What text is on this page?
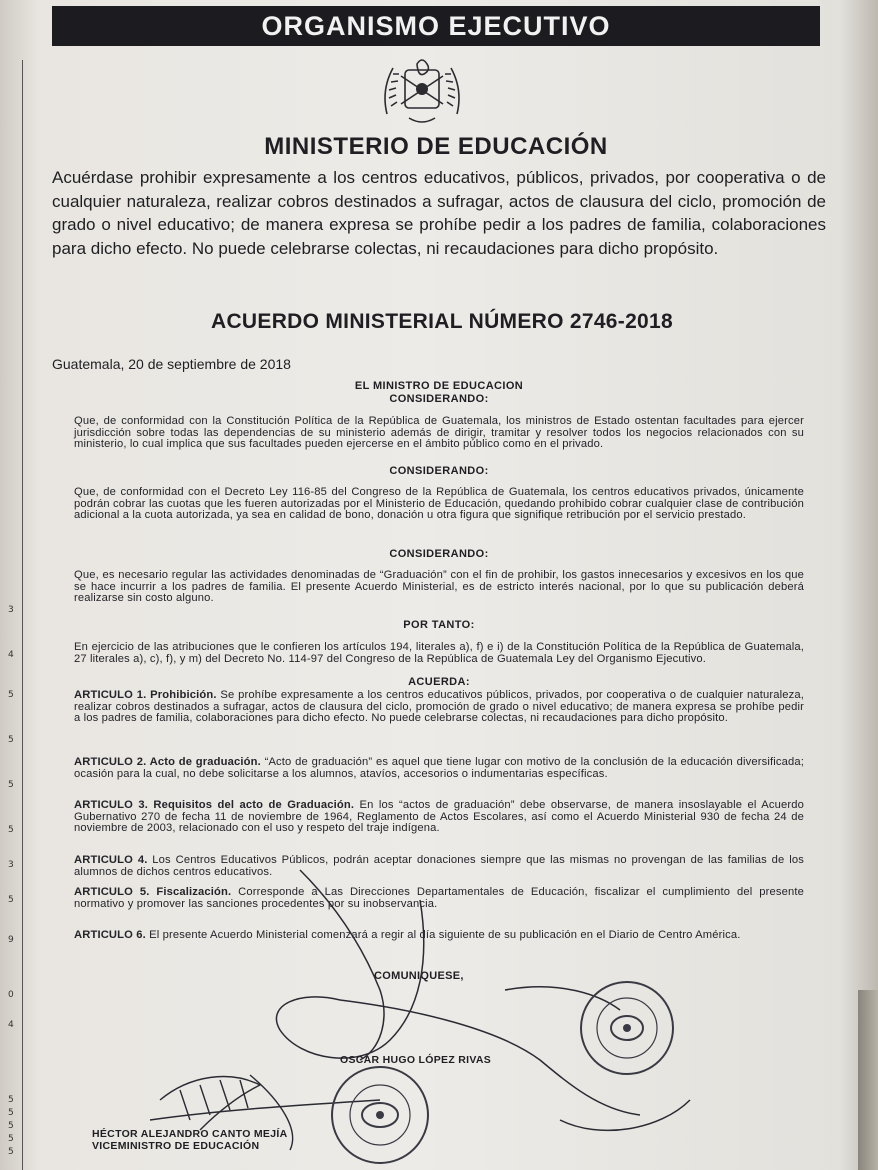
3
4
5
5
5
5
3
5
9
0
4
5
5
5
5
5
ORGANISMO EJECUTIVO
MINISTERIO DE EDUCACIÓN
Acuérdase prohibir expresamente a los centros educativos, públicos, privados, por cooperativa o de cualquier naturaleza, realizar cobros destinados a sufragar, actos de clausura del ciclo, promoción de grado o nivel educativo; de manera expresa se prohíbe pedir a los padres de familia, colaboraciones para dicho efecto. No puede celebrarse colectas, ni recaudaciones para dicho propósito.
ACUERDO MINISTERIAL NÚMERO 2746-2018
Guatemala, 20 de septiembre de 2018
EL MINISTRO DE EDUCACION
CONSIDERANDO:
Que, de conformidad con la Constitución Política de la República de Guatemala, los ministros de Estado ostentan facultades para ejercer jurisdicción sobre todas las dependencias de su ministerio además de dirigir, tramitar y resolver todos los negocios relacionados con su ministerio, lo cual implica que sus facultades pueden ejercerse en el ámbito público como en el privado.
CONSIDERANDO:
Que, de conformidad con el Decreto Ley 116-85 del Congreso de la República de Guatemala, los centros educativos privados, únicamente podrán cobrar las cuotas que les fueren autorizadas por el Ministerio de Educación, quedando prohibido cobrar cualquier clase de contribución adicional a la cuota autorizada, ya sea en calidad de bono, donación u otra figura que signifique retribución por el servicio prestado.
CONSIDERANDO:
Que, es necesario regular las actividades denominadas de “Graduación” con el fin de prohibir, los gastos innecesarios y excesivos en los que se hace incurrir a los padres de familia. El presente Acuerdo Ministerial, es de estricto interés nacional, por lo que su publicación deberá realizarse sin costo alguno.
POR TANTO:
En ejercicio de las atribuciones que le confieren los artículos 194, literales a), f) e i) de la Constitución Política de la República de Guatemala, 27 literales a), c), f), y m) del Decreto No. 114-97 del Congreso de la República de Guatemala Ley del Organismo Ejecutivo.
ACUERDA:
ARTICULO 1. Prohibición. Se prohíbe expresamente a los centros educativos públicos, privados, por cooperativa o de cualquier naturaleza, realizar cobros destinados a sufragar, actos de clausura del ciclo, promoción de grado o nivel educativo; de manera expresa se prohíbe pedir a los padres de familia, colaboraciones para dicho efecto. No puede celebrarse colectas, ni recaudaciones para dicho propósito.
ARTICULO 2. Acto de graduación. “Acto de graduación” es aquel que tiene lugar con motivo de la conclusión de la educación diversificada; ocasión para la cual, no debe solicitarse a los alumnos, atavíos, accesorios o indumentarias específicas.
ARTICULO 3. Requisitos del acto de Graduación. En los “actos de graduación” debe observarse, de manera insoslayable el Acuerdo Gubernativo 270 de fecha 11 de noviembre de 1964, Reglamento de Actos Escolares, así como el Acuerdo Ministerial 930 de fecha 24 de noviembre de 2003, relacionado con el uso y respeto del traje indígena.
ARTICULO 4. Los Centros Educativos Públicos, podrán aceptar donaciones siempre que las mismas no provengan de las familias de los alumnos de dichos centros educativos.
ARTICULO 5. Fiscalización. Corresponde a Las Direcciones Departamentales de Educación, fiscalizar el cumplimiento del presente normativo y promover las sanciones procedentes por su inobservancia.
ARTICULO 6. El presente Acuerdo Ministerial comenzará a regir al día siguiente de su publicación en el Diario de Centro América.
COMUNIQUESE,
OSCAR HUGO LÓPEZ RIVAS
HÉCTOR ALEJANDRO CANTO MEJÍA
VICEMINISTRO DE EDUCACIÓN
